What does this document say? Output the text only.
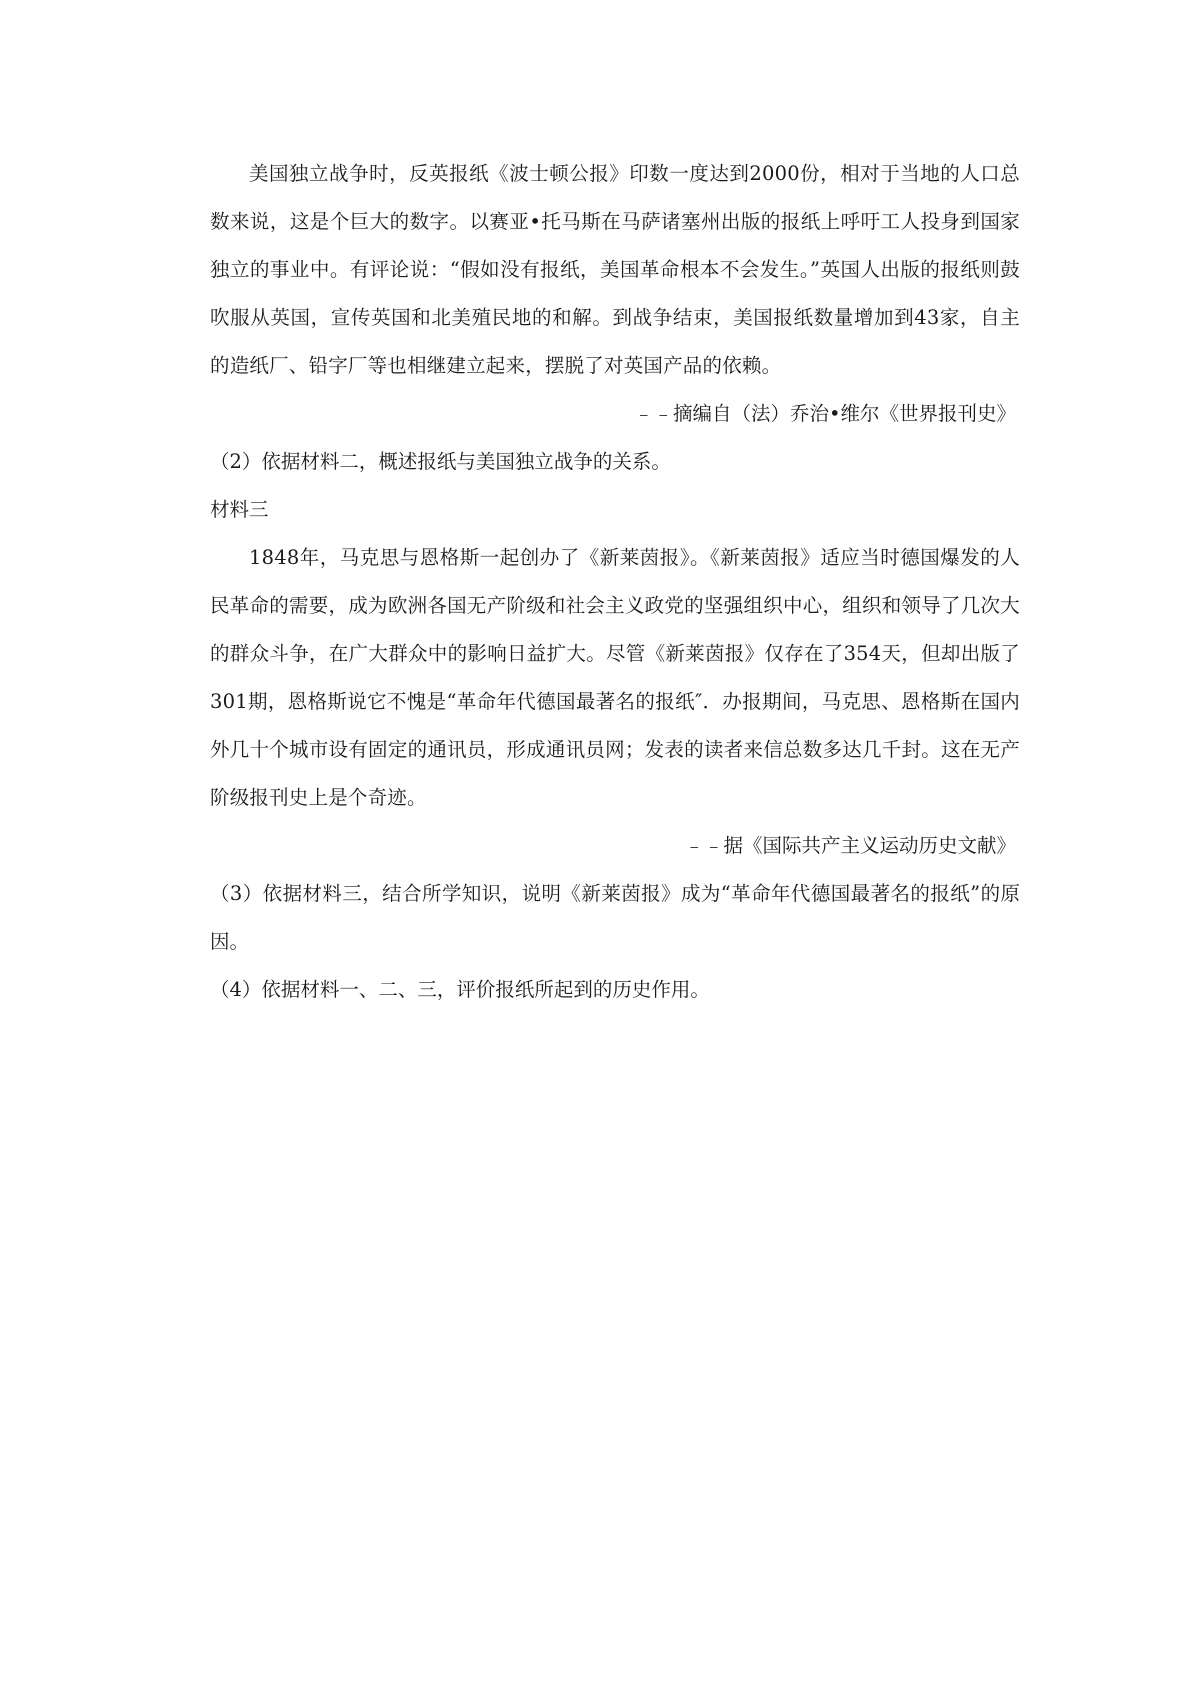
美国独立战争时，反英报纸《波士顿公报》印数一度达到2000份，相对于当地的人口总数来说，这是个巨大的数字。以赛亚•托马斯在马萨诸塞州出版的报纸上呼吁工人投身到国家独立的事业中。有评论说：“假如没有报纸，美国革命根本不会发生。”英国人出版的报纸则鼓吹服从英国，宣传英国和北美殖民地的和解。到战争结束，美国报纸数量增加到43家，自主的造纸厂、铅字厂等也相继建立起来，摆脱了对英国产品的依赖。

﹣﹣摘编自（法）乔治•维尔《世界报刊史》

（2）依据材料二，概述报纸与美国独立战争的关系。

材料三

1848年，马克思与恩格斯一起创办了《新莱茵报》。《新莱茵报》适应当时德国爆发的人民革命的需要，成为欧洲各国无产阶级和社会主义政党的坚强组织中心，组织和领导了几次大的群众斗争，在广大群众中的影响日益扩大。尽管《新莱茵报》仅存在了354天，但却出版了301期，恩格斯说它不愧是“革命年代德国最著名的报纸″．办报期间，马克思、恩格斯在国内外几十个城市设有固定的通讯员，形成通讯员网；发表的读者来信总数多达几千封。这在无产阶级报刊史上是个奇迹。

﹣﹣据《国际共产主义运动历史文献》

（3）依据材料三，结合所学知识，说明《新莱茵报》成为“革命年代德国最著名的报纸”的原因。

（4）依据材料一、二、三，评价报纸所起到的历史作用。
